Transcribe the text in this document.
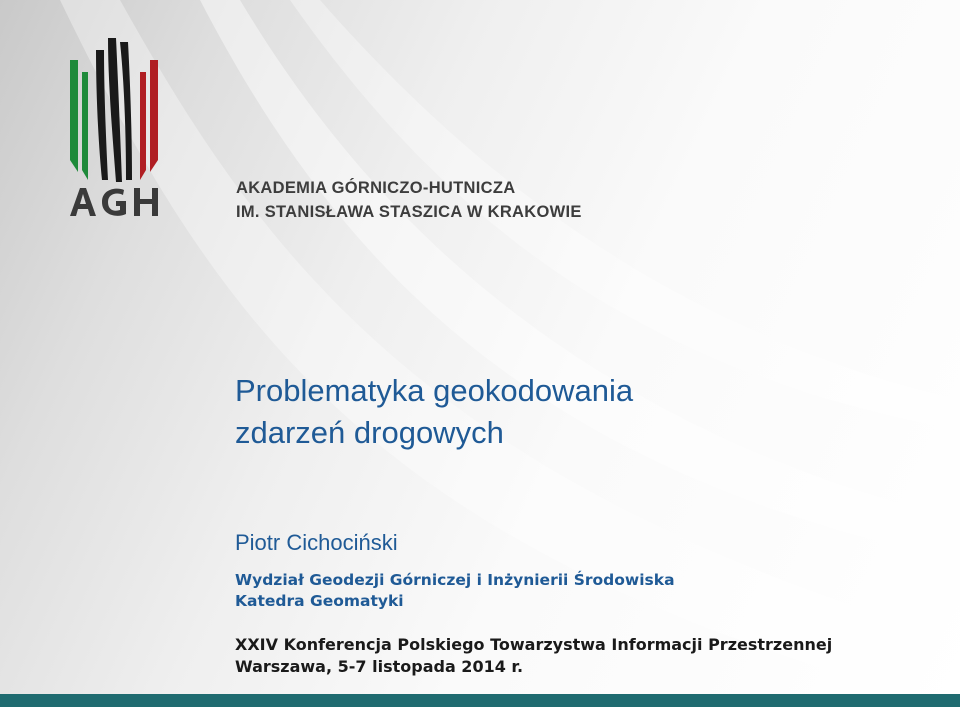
AKADEMIA GÓRNICZO-HUTNICZA
IM. STANISŁAWA STASZICA W KRAKOWIE
Problematyka geokodowania
zdarzeń drogowych
Piotr Cichociński
Wydział Geodezji Górniczej i Inżynierii Środowiska
Katedra Geomatyki
XXIV Konferencja Polskiego Towarzystwa Informacji Przestrzennej
Warszawa, 5-7 listopada 2014 r.
